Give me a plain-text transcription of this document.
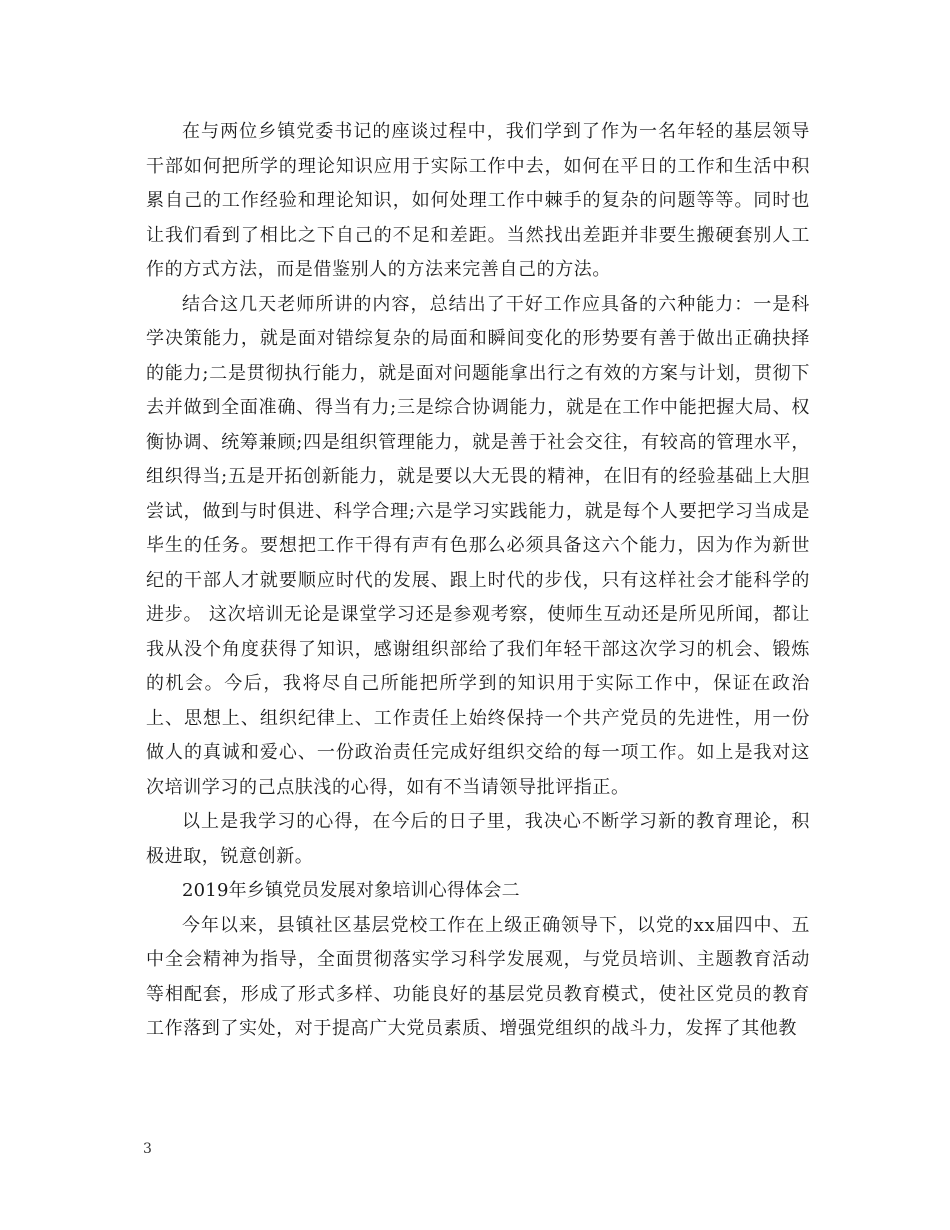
在与两位乡镇党委书记的座谈过程中，我们学到了作为一名年轻的基层领导干部如何把所学的理论知识应用于实际工作中去，如何在平日的工作和生活中积累自己的工作经验和理论知识，如何处理工作中棘手的复杂的问题等等。同时也让我们看到了相比之下自己的不足和差距。当然找出差距并非要生搬硬套别人工作的方式方法，而是借鉴别人的方法来完善自己的方法。

结合这几天老师所讲的内容，总结出了干好工作应具备的六种能力：一是科学决策能力，就是面对错综复杂的局面和瞬间变化的形势要有善于做出正确抉择的能力;二是贯彻执行能力，就是面对问题能拿出行之有效的方案与计划，贯彻下去并做到全面准确、得当有力;三是综合协调能力，就是在工作中能把握大局、权衡协调、统筹兼顾;四是组织管理能力，就是善于社会交往，有较高的管理水平，组织得当;五是开拓创新能力，就是要以大无畏的精神，在旧有的经验基础上大胆尝试，做到与时俱进、科学合理;六是学习实践能力，就是每个人要把学习当成是毕生的任务。要想把工作干得有声有色那么必须具备这六个能力，因为作为新世纪的干部人才就要顺应时代的发展、跟上时代的步伐，只有这样社会才能科学的进步。 这次培训无论是课堂学习还是参观考察，使师生互动还是所见所闻，都让我从没个角度获得了知识，感谢组织部给了我们年轻干部这次学习的机会、锻炼的机会。今后，我将尽自己所能把所学到的知识用于实际工作中，保证在政治上、思想上、组织纪律上、工作责任上始终保持一个共产党员的先进性，用一份做人的真诚和爱心、一份政治责任完成好组织交给的每一项工作。如上是我对这次培训学习的己点肤浅的心得，如有不当请领导批评指正。

以上是我学习的心得，在今后的日子里，我决心不断学习新的教育理论，积极进取，锐意创新。

2019年乡镇党员发展对象培训心得体会二

今年以来，县镇社区基层党校工作在上级正确领导下，以党的xx届四中、五中全会精神为指导，全面贯彻落实学习科学发展观，与党员培训、主题教育活动等相配套，形成了形式多样、功能良好的基层党员教育模式，使社区党员的教育工作落到了实处，对于提高广大党员素质、增强党组织的战斗力，发挥了其他教

3
